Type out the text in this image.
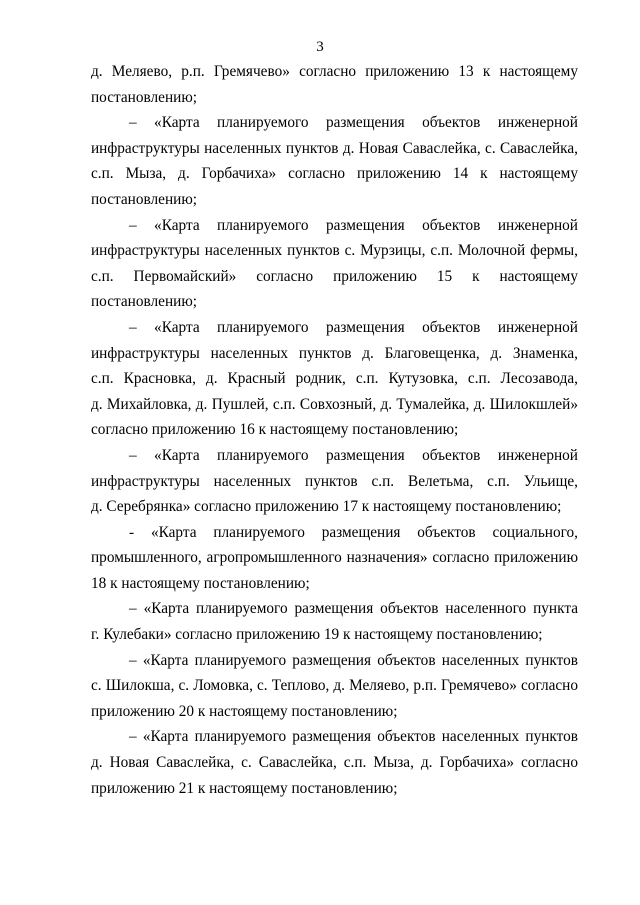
3
д. Меляево, р.п. Гремячево» согласно приложению 13 к настоящему
постановлению;
– «Карта планируемого размещения объектов инженерной
инфраструктуры населенных пунктов д. Новая Саваслейка, с. Саваслейка,
с.п. Мыза, д. Горбачиха» согласно приложению 14 к настоящему
постановлению;
– «Карта планируемого размещения объектов инженерной
инфраструктуры населенных пунктов с. Мурзицы, с.п. Молочной фермы,
с.п. Первомайский» согласно приложению 15 к настоящему
постановлению;
– «Карта планируемого размещения объектов инженерной
инфраструктуры населенных пунктов д. Благовещенка, д. Знаменка,
с.п. Красновка, д. Красный родник, с.п. Кутузовка, с.п. Лесозавода,
д. Михайловка, д. Пушлей, с.п. Совхозный, д. Тумалейка, д. Шилокшлей»
согласно приложению 16 к настоящему постановлению;
– «Карта планируемого размещения объектов инженерной
инфраструктуры населенных пунктов с.п. Велетьма, с.п. Ульище,
д. Серебрянка» согласно приложению 17 к настоящему постановлению;
- «Карта планируемого размещения объектов социального,
промышленного, агропромышленного назначения» согласно приложению
18 к настоящему постановлению;
– «Карта планируемого размещения объектов населенного пункта
г. Кулебаки» согласно приложению 19 к настоящему постановлению;
– «Карта планируемого размещения объектов населенных пунктов
с. Шилокша, с. Ломовка, с. Теплово, д. Меляево, р.п. Гремячево» согласно
приложению 20 к настоящему постановлению;
– «Карта планируемого размещения объектов населенных пунктов
д. Новая Саваслейка, с. Саваслейка, с.п. Мыза, д. Горбачиха» согласно
приложению 21 к настоящему постановлению;
